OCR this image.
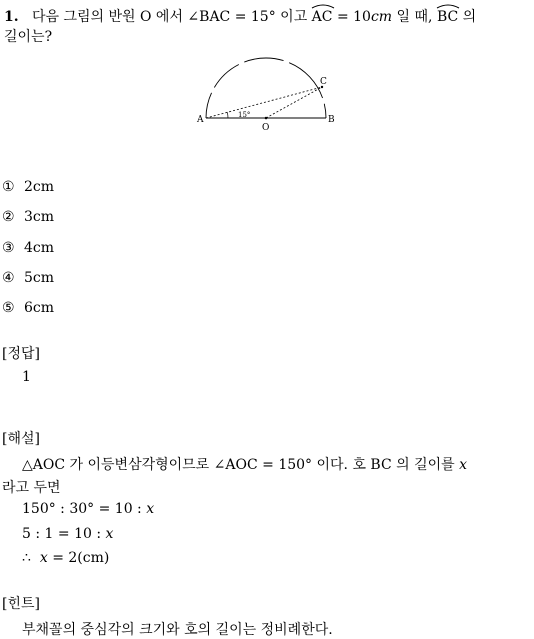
1. 다음 그림의 반원 O 에서 ∠BAC = 15° 이고 AC = 10cm 일 때, BC 의
길이는?
A	B
C
O
15°
① 2cm
② 3cm
③ 4cm
④ 5cm
⑤ 6cm
[정답]
1
[해설]
△AOC 가 이등변삼각형이므로 ∠AOC = 150° 이다. 호 BC 의 길이를 x
라고 두면
150° : 30° = 10 : x
5 : 1 = 10 : x
∴ x = 2(cm)
[힌트]
부채꼴의 중심각의 크기와 호의 길이는 정비례한다.
